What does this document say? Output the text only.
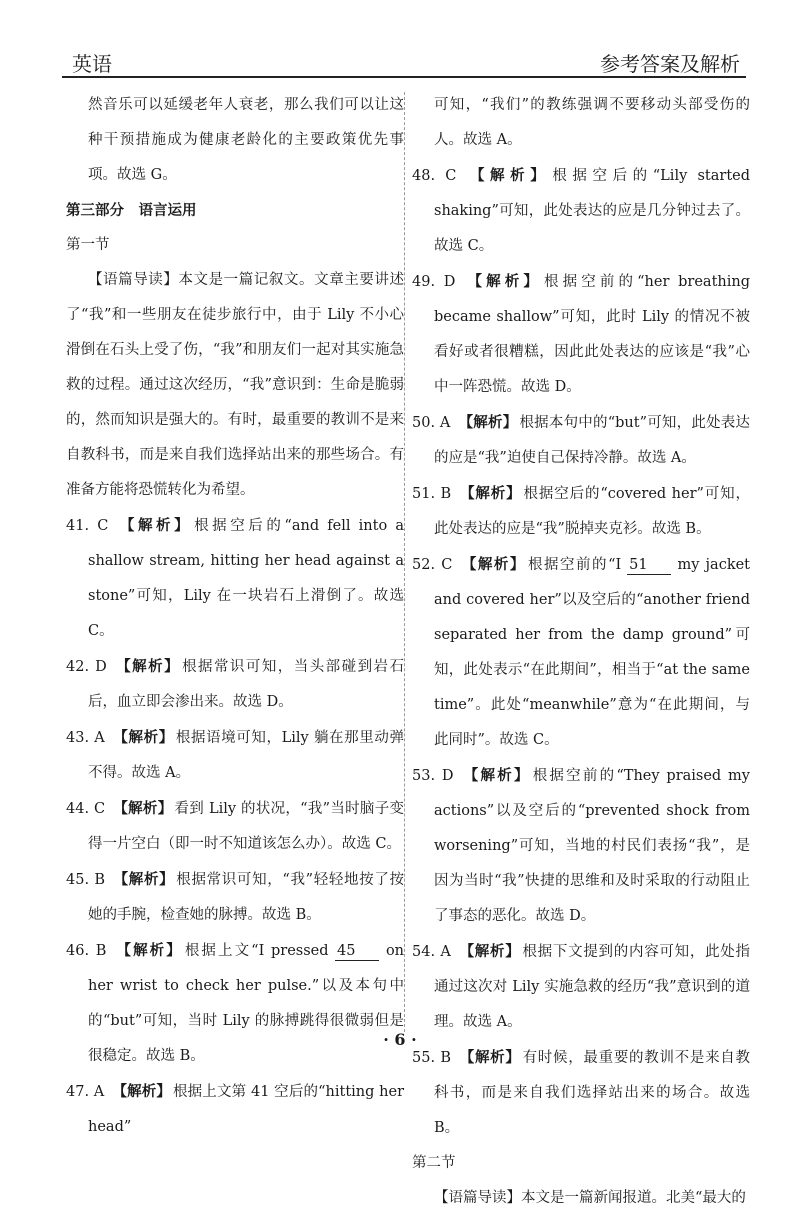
英语	参考答案及解析

然音乐可以延缓老年人衰老，那么我们可以让这种干预措施成为健康老龄化的主要政策优先事项。故选 G。

第三部分　语言运用

第一节

【语篇导读】本文是一篇记叙文。文章主要讲述了“我”和一些朋友在徒步旅行中，由于 Lily 不小心滑倒在石头上受了伤，“我”和朋友们一起对其实施急救的过程。通过这次经历，“我”意识到：生命是脆弱的，然而知识是强大的。有时，最重要的教训不是来自教科书，而是来自我们选择站出来的那些场合。有准备方能将恐慌转化为希望。

41. C 【解析】 根据空后的“and fell into a shallow stream, hitting her head against a stone”可知，Lily 在一块岩石上滑倒了。故选 C。

42. D 【解析】 根据常识可知，当头部碰到岩石后，血立即会渗出来。故选 D。

43. A 【解析】 根据语境可知，Lily 躺在那里动弹不得。故选 A。

44. C 【解析】 看到 Lily 的状况，“我”当时脑子变得一片空白（即一时不知道该怎么办）。故选 C。

45. B 【解析】 根据常识可知，“我”轻轻地按了按她的手腕，检查她的脉搏。故选 B。

46. B 【解析】 根据上文“I pressed 45 on her wrist to check her pulse.”以及本句中的“but”可知，当时 Lily 的脉搏跳得很微弱但是很稳定。故选 B。

47. A 【解析】 根据上文第 41 空后的“hitting her head”

可知，“我们”的教练强调不要移动头部受伤的人。故选 A。

48. C 【解析】 根据空后的“Lily started shaking”可知，此处表达的应是几分钟过去了。故选 C。

49. D 【解析】 根据空前的“her breathing became shallow”可知，此时 Lily 的情况不被看好或者很糟糕，因此此处表达的应该是“我”心中一阵恐慌。故选 D。

50. A 【解析】 根据本句中的“but”可知，此处表达的应是“我”迫使自己保持冷静。故选 A。

51. B 【解析】 根据空后的“covered her”可知，此处表达的应是“我”脱掉夹克衫。故选 B。

52. C 【解析】 根据空前的“I 51 my jacket and covered her”以及空后的“another friend separated her from the damp ground”可知，此处表示“在此期间”，相当于“at the same time”。此处“meanwhile”意为“在此期间，与此同时”。故选 C。

53. D 【解析】 根据空前的“They praised my actions”以及空后的“prevented shock from worsening”可知，当地的村民们表扬“我”，是因为当时“我”快捷的思维和及时采取的行动阻止了事态的恶化。故选 D。

54. A 【解析】 根据下文提到的内容可知，此处指通过这次对 Lily 实施急救的经历“我”意识到的道理。故选 A。

55. B 【解析】 有时候，最重要的教训不是来自教科书，而是来自我们选择站出来的场合。故选 B。

第二节

【语篇导读】本文是一篇新闻报道。北美“最大的

· 6 ·
